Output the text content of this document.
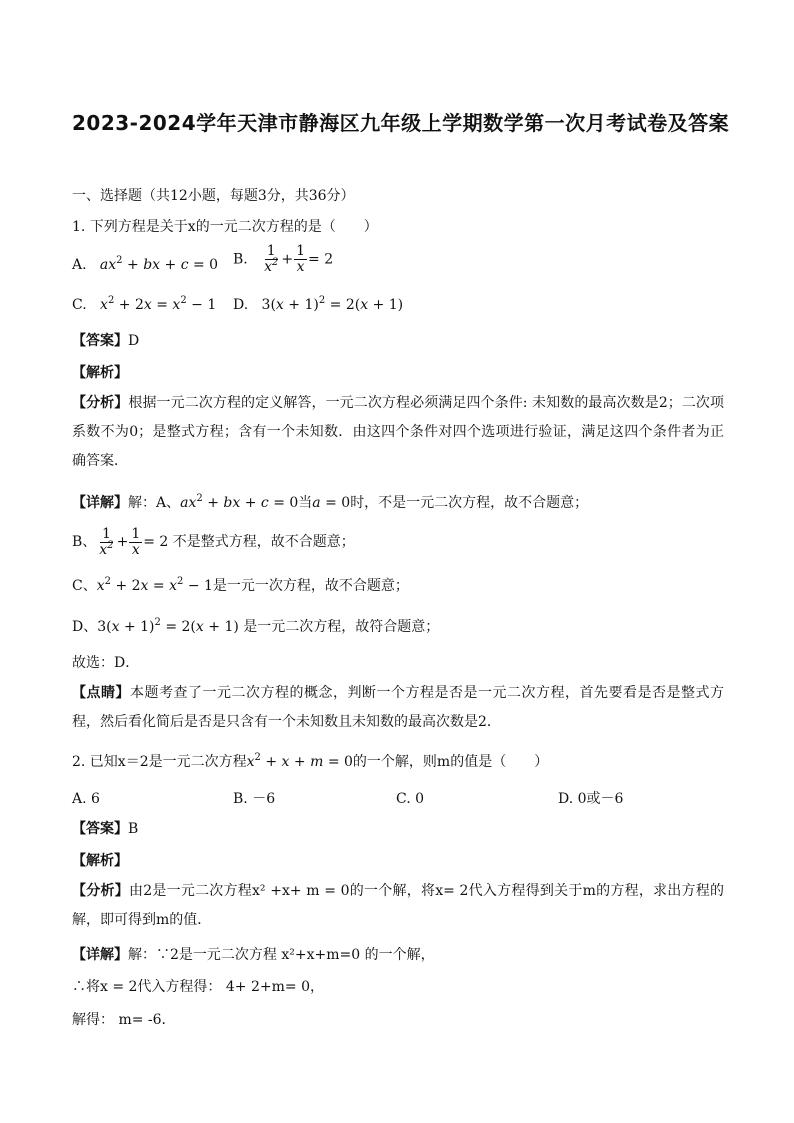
2023-2024学年天津市静海区九年级上学期数学第一次月考试卷及答案
一、选择题（共12小题，每题3分，共36分）
1. 下列方程是关于x的一元二次方程的是（　　）
A. $ax^2$ + bx + c = 0 B. $\frac{1}{x^2} + \frac{1}{x} = 2$
C. $x^2 + 2x = x^2 - 1$ D. $3(x + 1)^2 = 2(x + 1)$
【答案】D
【解析】
【分析】根据一元二次方程的定义解答，一元二次方程必须满足四个条件: 未知数的最高次数是2；二次项系数不为0；是整式方程；含有一个未知数．由这四个条件对四个选项进行验证，满足这四个条件者为正确答案．
【详解】解：A、$ax^2$ + bx + c = 0当a = 0时，不是一元二次方程，故不合题意；
B、 $\frac{1}{x^2} + \frac{1}{x} = 2$ 不是整式方程，故不合题意；
C、$x^2 + 2x = x^2 - 1$是一元一次方程，故不合题意；
D、$3(x + 1)^2 = 2(x + 1)$ 是一元二次方程，故符合题意；
故选：D．
【点睛】本题考查了一元二次方程的概念，判断一个方程是否是一元二次方程，首先要看是否是整式方程，然后看化简后是否是只含有一个未知数且未知数的最高次数是2．
2. 已知x＝2是一元二次方程$x^2 + x + m = 0$的一个解，则m的值是（　　）
A. 6	B. －6	C. 0	D. 0或－6
【答案】B
【解析】
【分析】由2是一元二次方程x² +x+ m = 0的一个解，将x= 2代入方程得到关于m的方程，求出方程的解，即可得到m的值．
【详解】解：∵2是一元二次方程 x²+x+m=0 的一个解，
∴将x = 2代入方程得： 4+ 2+m= 0，
解得： m= -6．
